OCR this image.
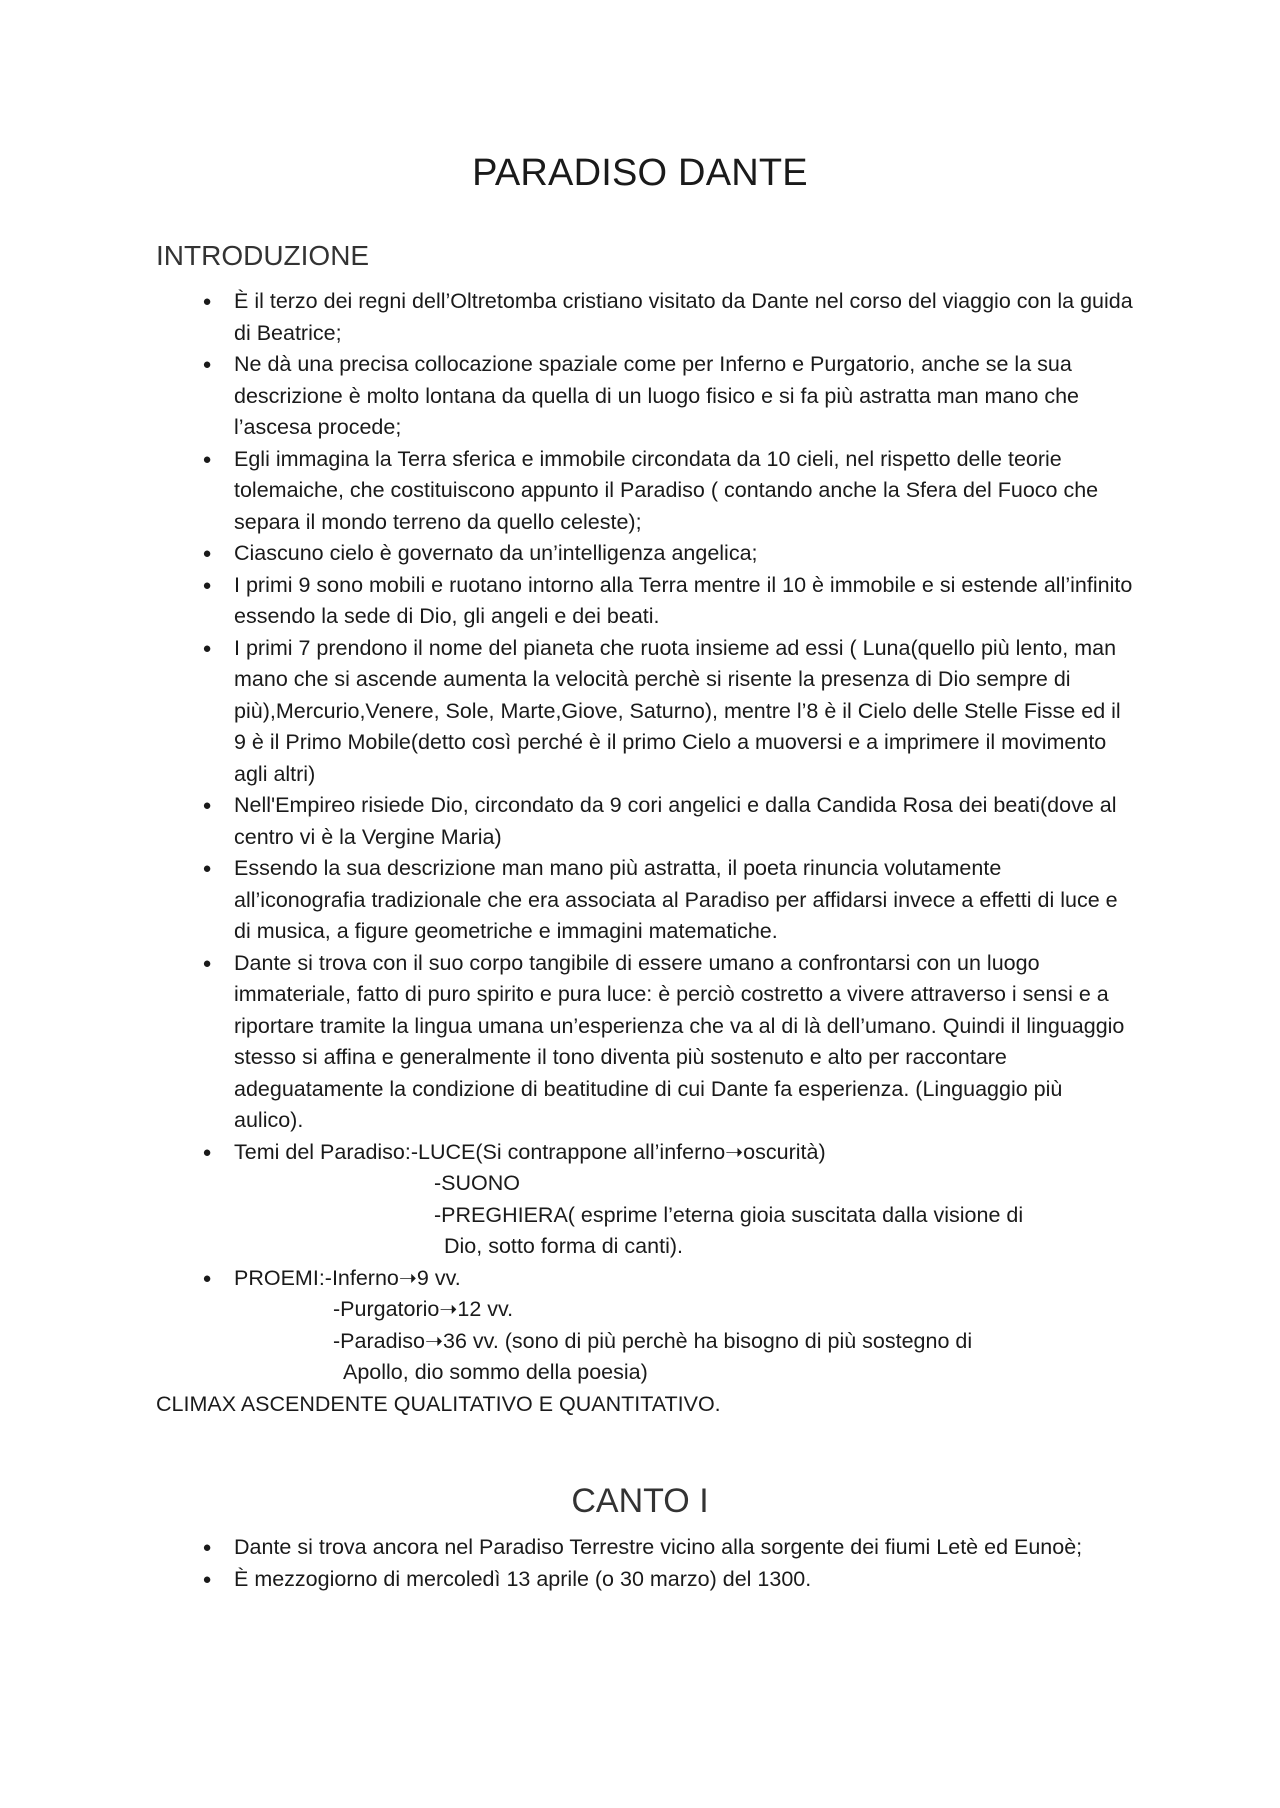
PARADISO DANTE
INTRODUZIONE
● È il terzo dei regni dell’Oltretomba cristiano visitato da Dante nel corso del viaggio con la guida di Beatrice;
● Ne dà una precisa collocazione spaziale come per Inferno e Purgatorio, anche se la sua descrizione è molto lontana da quella di un luogo fisico e si fa più astratta man mano che l’ascesa procede;
● Egli immagina la Terra sferica e immobile circondata da 10 cieli, nel rispetto delle teorie tolemaiche, che costituiscono appunto il Paradiso ( contando anche la Sfera del Fuoco che separa il mondo terreno da quello celeste);
● Ciascuno cielo è governato da un’intelligenza angelica;
● I primi 9 sono mobili e ruotano intorno alla Terra mentre il 10 è immobile e si estende all’infinito essendo la sede di Dio, gli angeli e dei beati.
● I primi 7 prendono il nome del pianeta che ruota insieme ad essi ( Luna(quello più lento, man mano che si ascende aumenta la velocità perchè si risente la presenza di Dio sempre di più),Mercurio,Venere, Sole, Marte,Giove, Saturno), mentre l’8 è il Cielo delle Stelle Fisse ed il 9 è il Primo Mobile(detto così perché è il primo Cielo a muoversi e a imprimere il movimento agli altri)
● Nell'Empireo risiede Dio, circondato da 9 cori angelici e dalla Candida Rosa dei beati(dove al centro vi è la Vergine Maria)
● Essendo la sua descrizione man mano più astratta, il poeta rinuncia volutamente all’iconografia tradizionale che era associata al Paradiso per affidarsi invece a effetti di luce e di musica, a figure geometriche e immagini matematiche.
● Dante si trova con il suo corpo tangibile di essere umano a confrontarsi con un luogo immateriale, fatto di puro spirito e pura luce: è perciò costretto a vivere attraverso i sensi e a riportare tramite la lingua umana un’esperienza che va al di là dell’umano. Quindi il linguaggio stesso si affina e generalmente il tono diventa più sostenuto e alto per raccontare adeguatamente la condizione di beatitudine di cui Dante fa esperienza. (Linguaggio più aulico).
● Temi del Paradiso:-LUCE(Si contrappone all’inferno➝oscurità)
-SUONO
-PREGHIERA( esprime l’eterna gioia suscitata dalla visione di
Dio, sotto forma di canti).
● PROEMI:-Inferno➝9 vv.
-Purgatorio➝12 vv.
-Paradiso➝36 vv. (sono di più perchè ha bisogno di più sostegno di
Apollo, dio sommo della poesia)

CLIMAX ASCENDENTE QUALITATIVO E QUANTITATIVO.

CANTO I
● Dante si trova ancora nel Paradiso Terrestre vicino alla sorgente dei fiumi Letè ed Eunoè;
● È mezzogiorno di mercoledì 13 aprile (o 30 marzo) del 1300.
